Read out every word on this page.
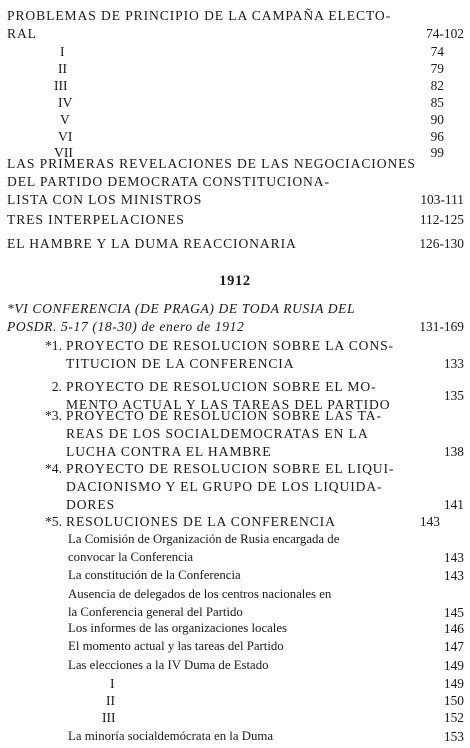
PROBLEMAS DE PRINCIPIO DE LA CAMPAÑA ELECTO-
RAL	74-102
I	74
II	79
III	82
IV	85
V	90
VI	96
VII	99
LAS PRIMERAS REVELACIONES DE LAS NEGOCIACIONES
DEL PARTIDO DEMOCRATA CONSTITUCIONA-
LISTA CON LOS MINISTROS	103-111
TRES INTERPELACIONES	112-125
EL HAMBRE Y LA DUMA REACCIONARIA	126-130
1912
*VI CONFERENCIA (DE PRAGA) DE TODA RUSIA DEL
POSDR. 5-17 (18-30) de enero de 1912	131-169
*1. PROYECTO DE RESOLUCION SOBRE LA CONS-
TITUCION DE LA CONFERENCIA	133
2. PROYECTO DE RESOLUCION SOBRE EL MO-
MENTO ACTUAL Y LAS TAREAS DEL PARTIDO
135
*3. PROYECTO DE RESOLUCION SOBRE LAS TA-
REAS DE LOS SOCIALDEMOCRATAS EN LA
LUCHA CONTRA EL HAMBRE	138
*4. PROYECTO DE RESOLUCION SOBRE EL LIQUI-
DACIONISMO Y EL GRUPO DE LOS LIQUIDA-
DORES	141
*5. RESOLUCIONES DE LA CONFERENCIA	143
La Comisión de Organización de Rusia encargada de
convocar la Conferencia	143
La constitución de la Conferencia	143
Ausencia de delegados de los centros nacionales en
la Conferencia general del Partido	145
Los informes de las organizaciones locales	146
El momento actual y las tareas del Partido	147
Las elecciones a la IV Duma de Estado	149
I	149
II	150
III	152
La minoría socialdemócrata en la Duma	153
